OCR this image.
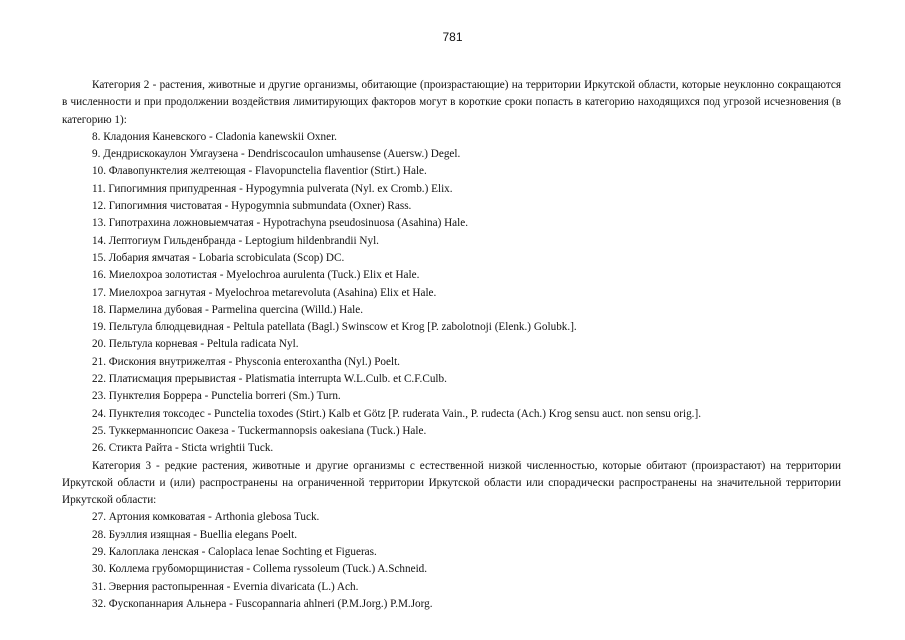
781

Категория 2 - растения, животные и другие организмы, обитающие (произрастающие) на территории Иркутской области, которые неуклонно сокращаются в численности и при продолжении воздействия лимитирующих факторов могут в короткие сроки попасть в категорию находящихся под угрозой исчезновения (в категорию 1):

8. Кладония Каневского - Cladonia kanewskii Oxner.
9. Дендрискокаулон Умгаузена - Dendriscocaulon umhausense (Auersw.) Degel.
10. Флавопунктелия желтеющая - Flavopunctelia flaventior (Stirt.) Hale.
11. Гипогимния припудренная - Hypogymnia pulverata (Nyl. ex Cromb.) Elix.
12. Гипогимния чистоватая - Hypogymnia submundata (Oxner) Rass.
13. Гипотрахина ложновыемчатая - Hypotrachyna pseudosinuosa (Asahina) Hale.
14. Лептогиум Гильденбранда - Leptogium hildenbrandii Nyl.
15. Лобария ямчатая - Lobaria scrobiculata (Scop) DC.
16. Миелохроа золотистая - Myelochroa aurulenta (Tuck.) Elix et Hale.
17. Миелохроа загнутая - Myelochroa metarevoluta (Asahina) Elix et Hale.
18. Пармелина дубовая - Parmelina quercina (Willd.) Hale.
19. Пельтула блюдцевидная - Peltula patellata (Bagl.) Swinscow et Krog [P. zabolotnoji (Elenk.) Golubk.].
20. Пельтула корневая - Peltula radicata Nyl.
21. Фискония внутрижелтая - Physconia enteroxantha (Nyl.) Poelt.
22. Платисмация прерывистая - Platismatia interrupta W.L.Culb. et C.F.Culb.
23. Пунктелия Боррера - Punctelia borreri (Sm.) Turn.
24. Пунктелия токсодес - Punctelia toxodes (Stirt.) Kalb et Gӧtz [P. ruderata Vain., P. rudecta (Ach.) Krog sensu auct. non sensu orig.].
25. Туккерманнопсис Оакеза - Tuckermannopsis oakesiana (Tuck.) Hale.
26. Стикта Райта - Sticta wrightii Tuck.

Категория 3 - редкие растения, животные и другие организмы с естественной низкой численностью, которые обитают (произрастают) на территории Иркутской области и (или) распространены на ограниченной территории Иркутской области или спорадически распространены на значительной территории Иркутской области:

27. Артония комковатая - Arthonia glebosa Tuck.
28. Буэллия изящная - Buellia elegans Poelt.
29. Калоплака ленская - Caloplaca lenae Sochting et Figueras.
30. Коллема грубоморщинистая - Collema ryssoleum (Tuck.) A.Schneid.
31. Эверния растопыренная - Evernia divaricata (L.) Ach.
32. Фускопаннария Альнера - Fuscopannaria ahlneri (P.M.Jorg.) P.M.Jorg.
